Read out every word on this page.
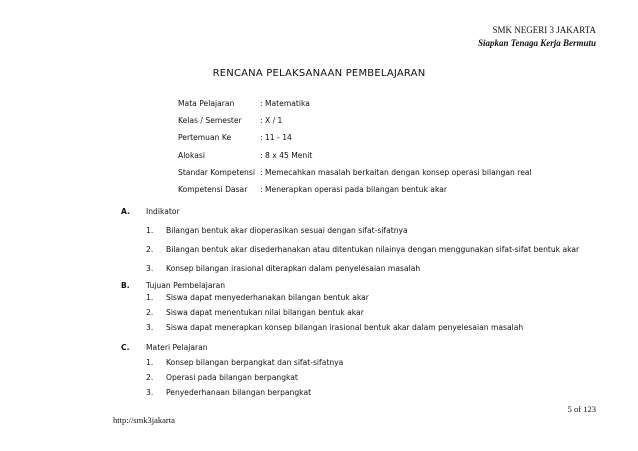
SMK NEGERI 3 JAKARTA
Siapkan Tenaga Kerja Bermutu
RENCANA PELAKSANAAN PEMBELAJARAN
Mata Pelajaran	: Matematika
Kelas / Semester	: X / 1
Pertemuan Ke	: 11 - 14
Alokasi	: 8 x 45 Menit
Standar Kompetensi : Memecahkan masalah berkaitan dengan konsep operasi bilangan real
Kompetensi Dasar	: Menerapkan operasi pada bilangan bentuk akar
A. Indikator
1. Bilangan bentuk akar dioperasikan sesuai dengan sifat-sifatnya
2. Bilangan bentuk akar disederhanakan atau ditentukan nilainya dengan menggunakan sifat-sifat bentuk akar
3. Konsep bilangan irasional diterapkan dalam penyelesaian masalah
B. Tujuan Pembelajaran
1. Siswa dapat menyederhanakan bilangan bentuk akar
2. Siswa dapat menentukan nilai bilangan bentuk akar
3. Siswa dapat menerapkan konsep bilangan irasional bentuk akar dalam penyelesaian masalah
C. Materi Pelajaran
1. Konsep bilangan berpangkat dan sifat-sifatnya
2. Operasi pada bilangan berpangkat
3. Penyederhanaan bilangan berpangkat
5 of 123
http://smk3jakarta
